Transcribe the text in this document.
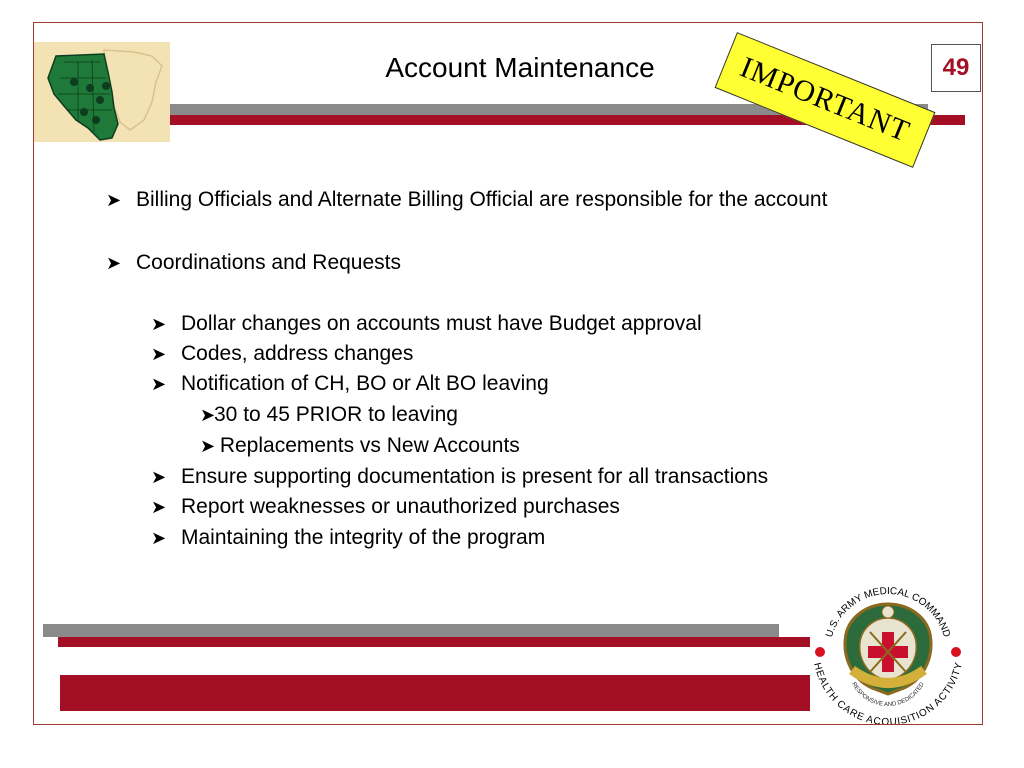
Account Maintenance	IMPORTANT	49
➤ Billing Officials and Alternate Billing Official are responsible for the account
➤ Coordinations and Requests
➤ Dollar changes on accounts must have Budget approval
➤ Codes, address changes
➤ Notification of CH, BO or Alt BO leaving
➤
30 to 45 PRIOR to leaving
➤
Replacements vs New Accounts
➤ Ensure supporting documentation is present for all transactions
➤ Report weaknesses or unauthorized purchases
➤ Maintaining the integrity of the program
U.S. ARMY MEDICAL COMMAND
HEALTH CARE ACQUISITION ACTIVITY
RESPONSIVE AND DEDICATED
